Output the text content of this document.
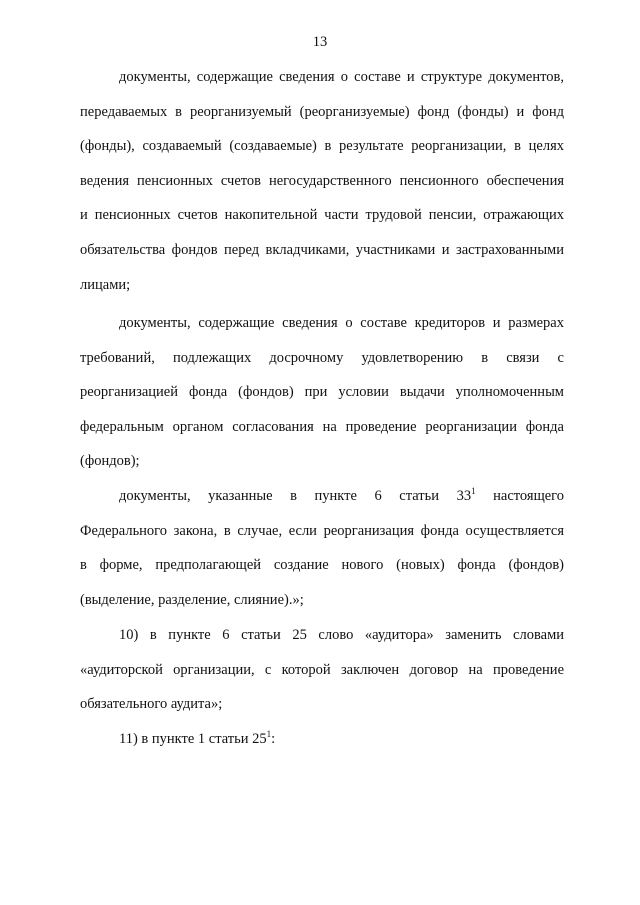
13
документы, содержащие сведения о составе и структуре документов,
передаваемых в реорганизуемый (реорганизуемые) фонд (фонды) и фонд
(фонды), создаваемый (создаваемые) в результате реорганизации, в целях
ведения пенсионных счетов негосударственного пенсионного обеспечения
и пенсионных счетов накопительной части трудовой пенсии, отражающих
обязательства фондов перед вкладчиками, участниками и застрахованными
лицами;
документы, содержащие сведения о составе кредиторов и размерах
требований, подлежащих досрочному удовлетворению в связи с
реорганизацией фонда (фондов) при условии выдачи уполномоченным
федеральным органом согласования на проведение реорганизации фонда
(фондов);
документы, указанные в пункте 6 статьи $33^1$ настоящего
Федерального закона, в случае, если реорганизация фонда осуществляется
в форме, предполагающей создание нового (новых) фонда (фондов)
(выделение, разделение, слияние).»;
10) в пункте 6 статьи 25 слово «аудитора» заменить словами
«аудиторской организации, с которой заключен договор на проведение
обязательного аудита»;
11) в пункте 1 статьи $25^1$:
